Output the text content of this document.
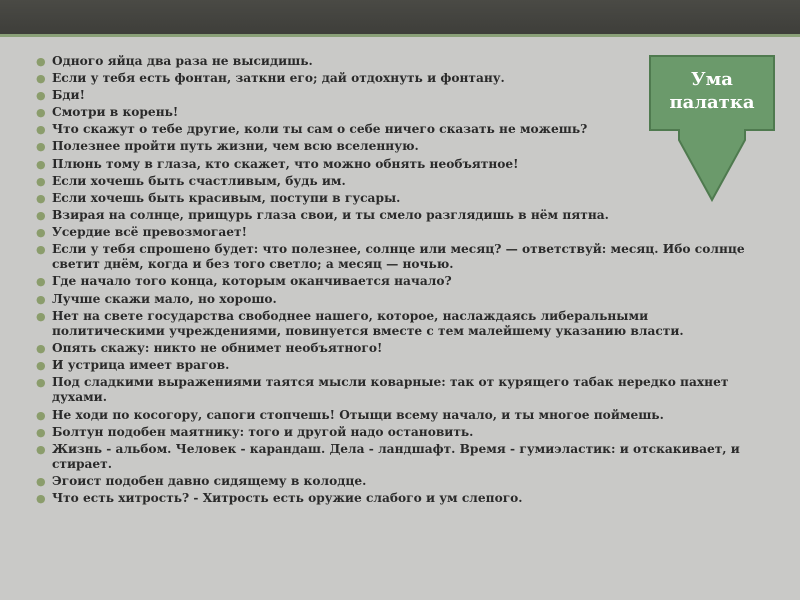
● Одного яйца два раза не высидишь.
● Если у тебя есть фонтан, заткни его; дай отдохнуть и фонтану.
● Бди!
● Смотри в корень!
● Что скажут о тебе другие, коли ты сам о себе ничего сказать не можешь?
● Полезнее пройти путь жизни, чем всю вселенную.
● Плюнь тому в глаза, кто скажет, что можно обнять необъятное!
● Если хочешь быть счастливым, будь им.
● Если хочешь быть красивым, поступи в гусары.
● Взирая на солнце, прищурь глаза свои, и ты смело разглядишь в нём пятна.
● Усердие всё превозмогает!
● Если у тебя спрошено будет: что полезнее, солнце или месяц? — ответствуй: месяц. Ибо солнце светит днём, когда и без того светло; а месяц — ночью.
● Где начало того конца, которым оканчивается начало?
● Лучше скажи мало, но хорошо.
● Нет на свете государства свободнее нашего, которое, наслаждаясь либеральными политическими учреждениями, повинуется вместе с тем малейшему указанию власти.
● Опять скажу: никто не обнимет необъятного!
● И устрица имеет врагов.
● Под сладкими выражениями таятся мысли коварные: так от курящего табак нередко пахнет духами.
● Не ходи по косогору, сапоги стопчешь! Отыщи всему начало, и ты многое поймешь.
● Болтун подобен маятнику: того и другой надо остановить.
● Жизнь - альбом. Человек - карандаш. Дела - ландшафт. Время - гумиэластик: и отскакивает, и стирает.
● Эгоист подобен давно сидящему в колодце.
● Что есть хитрость? - Хитрость есть оружие слабого и ум слепого.
Ума
палатка
